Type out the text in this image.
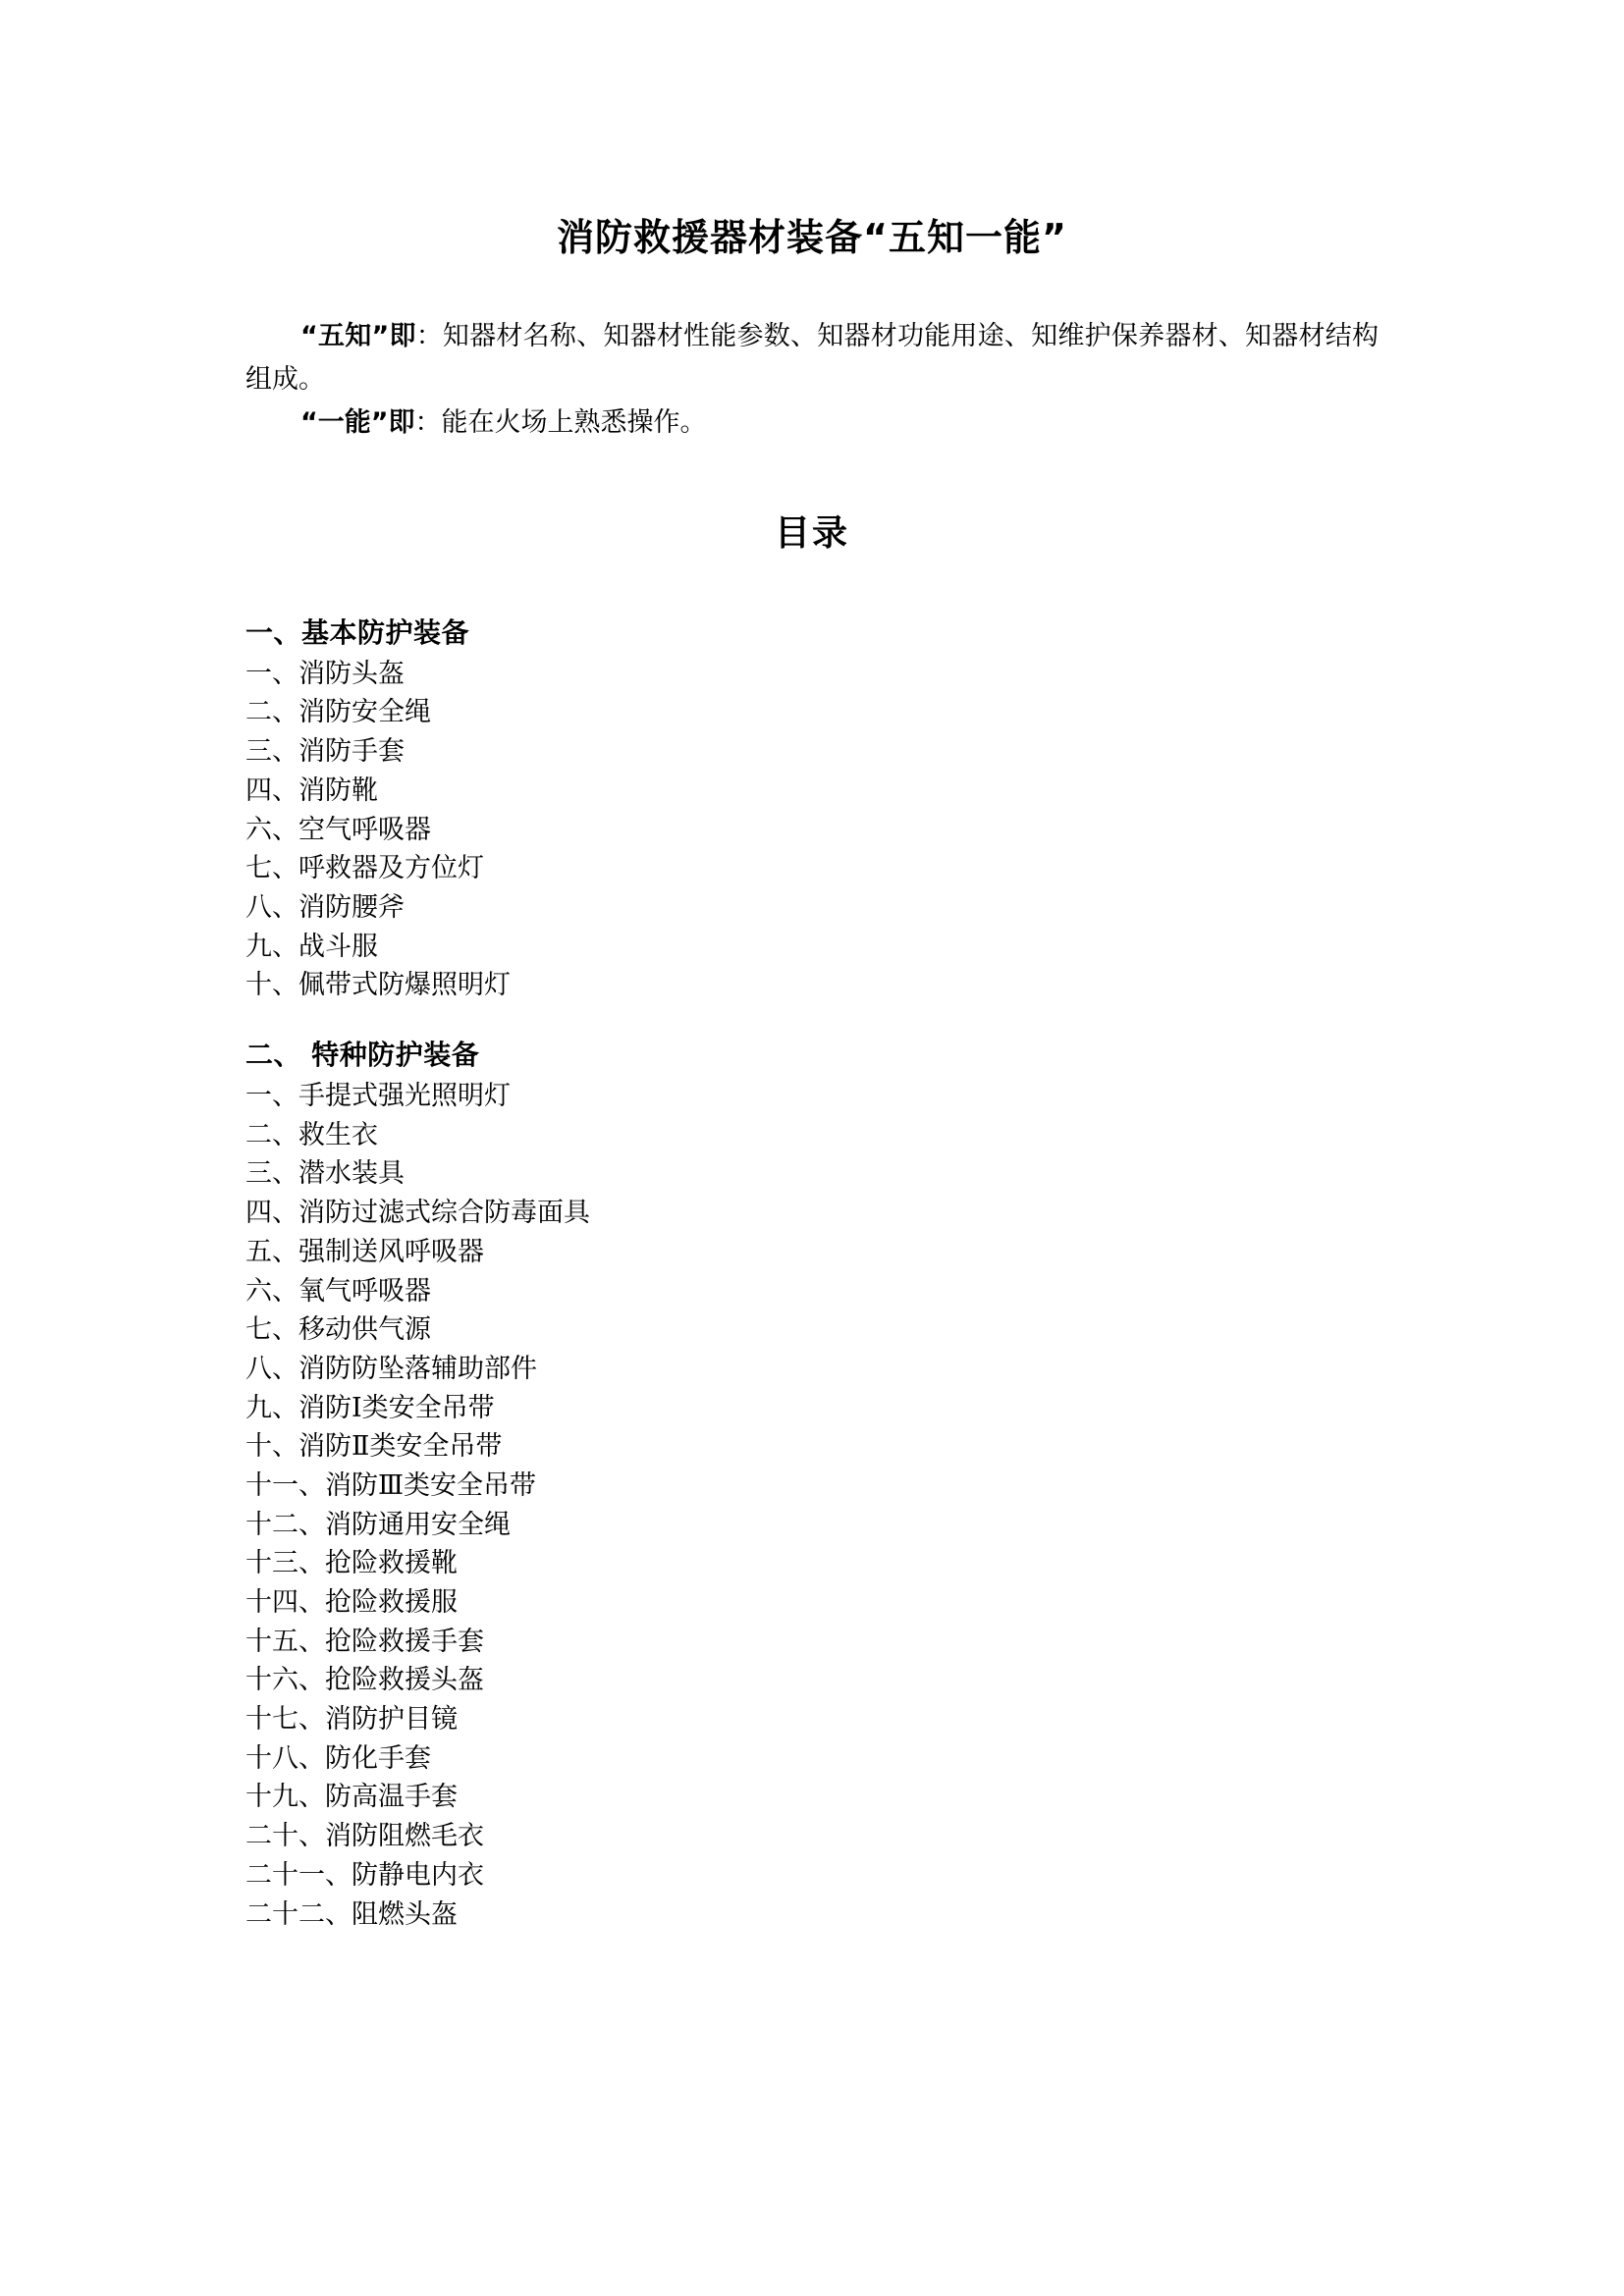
消防救援器材装备“五知一能”

“五知”即：知器材名称、知器材性能参数、知器材功能用途、知维护保养器材、知器材结构组成。

“一能”即：能在火场上熟悉操作。

目录

一、基本防护装备

一、消防头盔

二、消防安全绳

三、消防手套

四、消防靴

六、空气呼吸器

七、呼救器及方位灯

八、消防腰斧

九、战斗服

十、佩带式防爆照明灯

二、 特种防护装备

一、手提式强光照明灯

二、救生衣

三、潜水装具

四、消防过滤式综合防毒面具

五、强制送风呼吸器

六、氧气呼吸器

七、移动供气源

八、消防防坠落辅助部件

九、消防Ⅰ类安全吊带

十、消防Ⅱ类安全吊带

十一、消防Ⅲ类安全吊带

十二、消防通用安全绳

十三、抢险救援靴

十四、抢险救援服

十五、抢险救援手套

十六、抢险救援头盔

十七、消防护目镜

十八、防化手套

十九、防高温手套

二十、消防阻燃毛衣

二十一、防静电内衣

二十二、阻燃头盔
